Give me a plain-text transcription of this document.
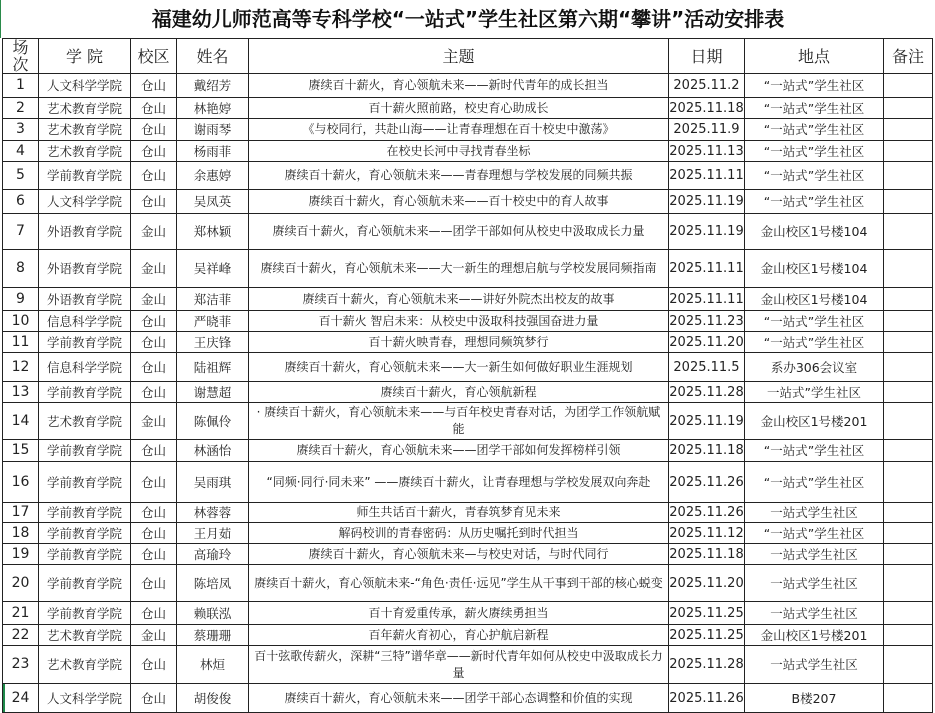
福建幼儿师范高等专科学校“一站式”学生社区第六期“攀讲”活动安排表
场次	学 院	校区	姓名	主题	日期	地点	备注
1	人文科学学院	仓山	戴绍芳	赓续百十薪火，育心领航未来——新时代青年的成长担当	2025.11.2	“一站式”学生社区	
2	艺术教育学院	仓山	林艳婷	百十薪火照前路，校史育心助成长	2025.11.18	“一站式”学生社区	
3	艺术教育学院	仓山	谢雨琴	《与校同行，共赴山海——让青春理想在百十校史中激荡》	2025.11.9	“一站式”学生社区	
4	艺术教育学院	仓山	杨雨菲	在校史长河中寻找青春坐标	2025.11.13	“一站式”学生社区	
5	学前教育学院	仓山	余惠婷	赓续百十薪火，育心领航未来——青春理想与学校发展的同频共振	2025.11.11	“一站式”学生社区	
6	人文科学学院	仓山	吴凤英	赓续百十薪火，育心领航未来——百十校史中的育人故事	2025.11.19	“一站式”学生社区	
7	外语教育学院	金山	郑林颖	赓续百十薪火，育心领航未来——团学干部如何从校史中汲取成长力量	2025.11.19	金山校区1号楼104	
8	外语教育学院	金山	吴祥峰	赓续百十薪火，育心领航未来——大一新生的理想启航与学校发展同频指南	2025.11.11	金山校区1号楼104	
9	外语教育学院	金山	郑洁菲	赓续百十薪火，育心领航未来——讲好外院杰出校友的故事	2025.11.11	金山校区1号楼104	
10	信息科学学院	仓山	严晓菲	百十薪火 智启未来：从校史中汲取科技强国奋进力量	2025.11.23	“一站式”学生社区	
11	学前教育学院	仓山	王庆锋	百十薪火映青春，理想同频筑梦行	2025.11.20	“一站式”学生社区	
12	信息科学学院	仓山	陆祖辉	赓续百十薪火，育心领航未来——大一新生如何做好职业生涯规划	2025.11.5	系办306会议室	
13	学前教育学院	仓山	谢慧超	赓续百十薪火，育心领航新程	2025.11.28	一站式”学生社区	
14	艺术教育学院	金山	陈佩伶	· 赓续百十薪火，育心领航未来——与百年校史青春对话，为团学工作领航赋能	2025.11.19	金山校区1号楼201	
15	学前教育学院	仓山	林涵怡	赓续百十薪火，育心领航未来——团学干部如何发挥榜样引领	2025.11.18	“一站式”学生社区	
16	学前教育学院	仓山	吴雨琪	“同频·同行·同未来” ——赓续百十薪火，让青春理想与学校发展双向奔赴	2025.11.26	“一站式”学生社区	
17	学前教育学院	仓山	林蓉蓉	师生共话百十薪火，青春筑梦育见未来	2025.11.26	一站式学生社区	
18	学前教育学院	仓山	王月茹	解码校训的青春密码：从历史嘱托到时代担当	2025.11.12	“一站式”学生社区	
19	学前教育学院	仓山	高瑜玲	赓续百十薪火，育心领航未来—与校史对话，与时代同行	2025.11.18	一站式学生社区	
20	学前教育学院	仓山	陈培凤	赓续百十薪火，育心领航未来-“角色·责任·远见”学生从干事到干部的核心蜕变	2025.11.20	一站式学生社区	
21	学前教育学院	仓山	赖联泓	百十育爱重传承，薪火赓续勇担当	2025.11.25	一站式学生社区	
22	艺术教育学院	金山	蔡珊珊	百年薪火育初心，育心护航启新程	2025.11.25	金山校区1号楼201	
23	艺术教育学院	仓山	林烜	百十弦歌传薪火，深耕“三特”谱华章——新时代青年如何从校史中汲取成长力量	2025.11.28	一站式学生社区	
24	人文科学学院	仓山	胡俊俊	赓续百十薪火，育心领航未来——团学干部心态调整和价值的实现	2025.11.26	B楼207	
